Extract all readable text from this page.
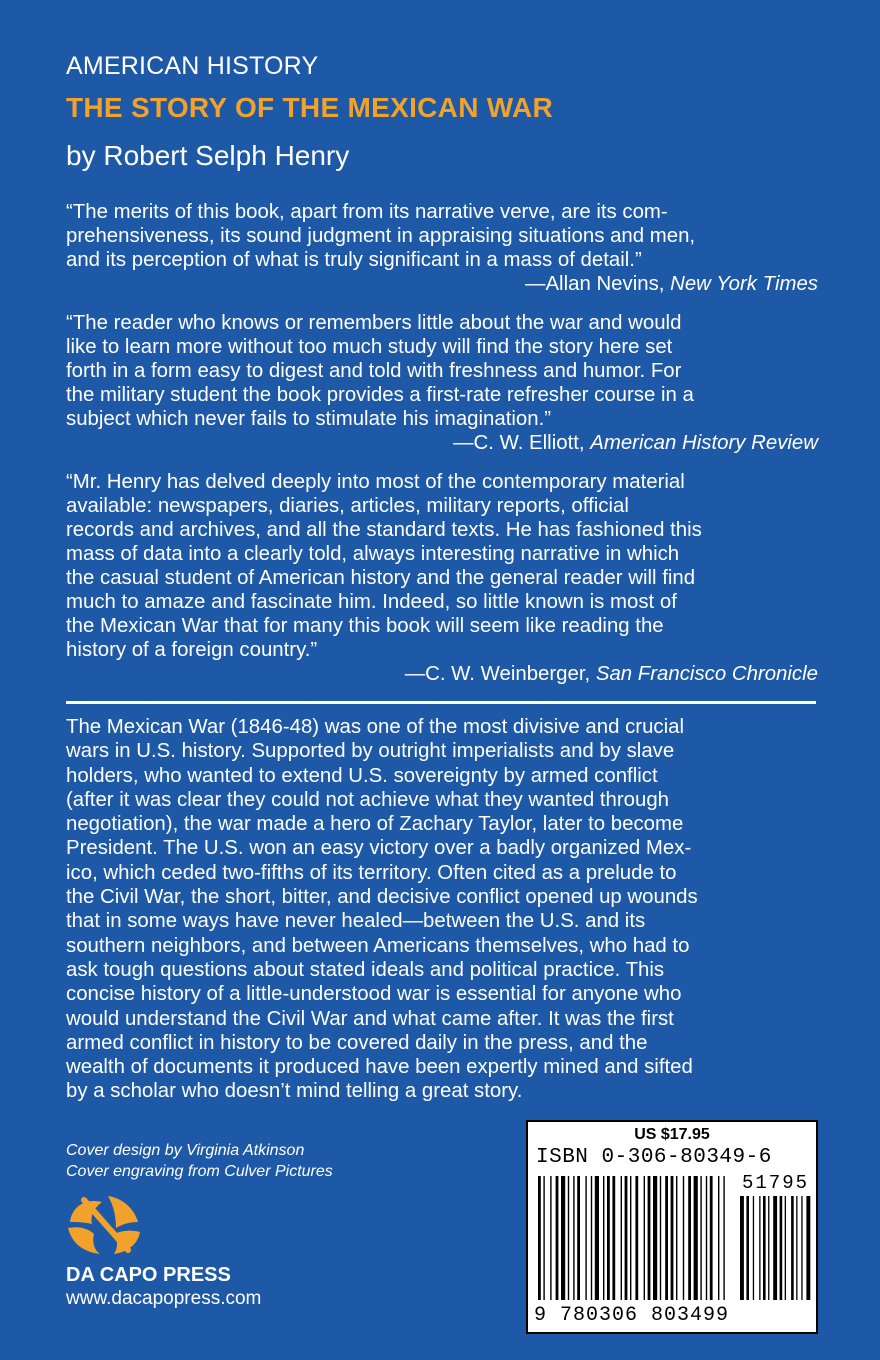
AMERICAN HISTORY
THE STORY OF THE MEXICAN WAR
by Robert Selph Henry
“The merits of this book, apart from its narrative verve, are its com-
prehensiveness, its sound judgment in appraising situations and men,
and its perception of what is truly significant in a mass of detail.”
—Allan Nevins, New York Times
“The reader who knows or remembers little about the war and would
like to learn more without too much study will find the story here set
forth in a form easy to digest and told with freshness and humor. For
the military student the book provides a first-rate refresher course in a
subject which never fails to stimulate his imagination.”
—C. W. Elliott, American History Review
“Mr. Henry has delved deeply into most of the contemporary material
available: newspapers, diaries, articles, military reports, official
records and archives, and all the standard texts. He has fashioned this
mass of data into a clearly told, always interesting narrative in which
the casual student of American history and the general reader will find
much to amaze and fascinate him. Indeed, so little known is most of
the Mexican War that for many this book will seem like reading the
history of a foreign country.”
—C. W. Weinberger, San Francisco Chronicle
The Mexican War (1846-48) was one of the most divisive and crucial
wars in U.S. history. Supported by outright imperialists and by slave
holders, who wanted to extend U.S. sovereignty by armed conflict
(after it was clear they could not achieve what they wanted through
negotiation), the war made a hero of Zachary Taylor, later to become
President. The U.S. won an easy victory over a badly organized Mex-
ico, which ceded two-fifths of its territory. Often cited as a prelude to
the Civil War, the short, bitter, and decisive conflict opened up wounds
that in some ways have never healed—between the U.S. and its
southern neighbors, and between Americans themselves, who had to
ask tough questions about stated ideals and political practice. This
concise history of a little-understood war is essential for anyone who
would understand the Civil War and what came after. It was the first
armed conflict in history to be covered daily in the press, and the
wealth of documents it produced have been expertly mined and sifted
by a scholar who doesn’t mind telling a great story.
Cover design by Virginia Atkinson
Cover engraving from Culver Pictures
DA CAPO PRESS
www.dacapopress.com
US $17.95
ISBN 0-306-80349-6
51795
9 780306 803499
